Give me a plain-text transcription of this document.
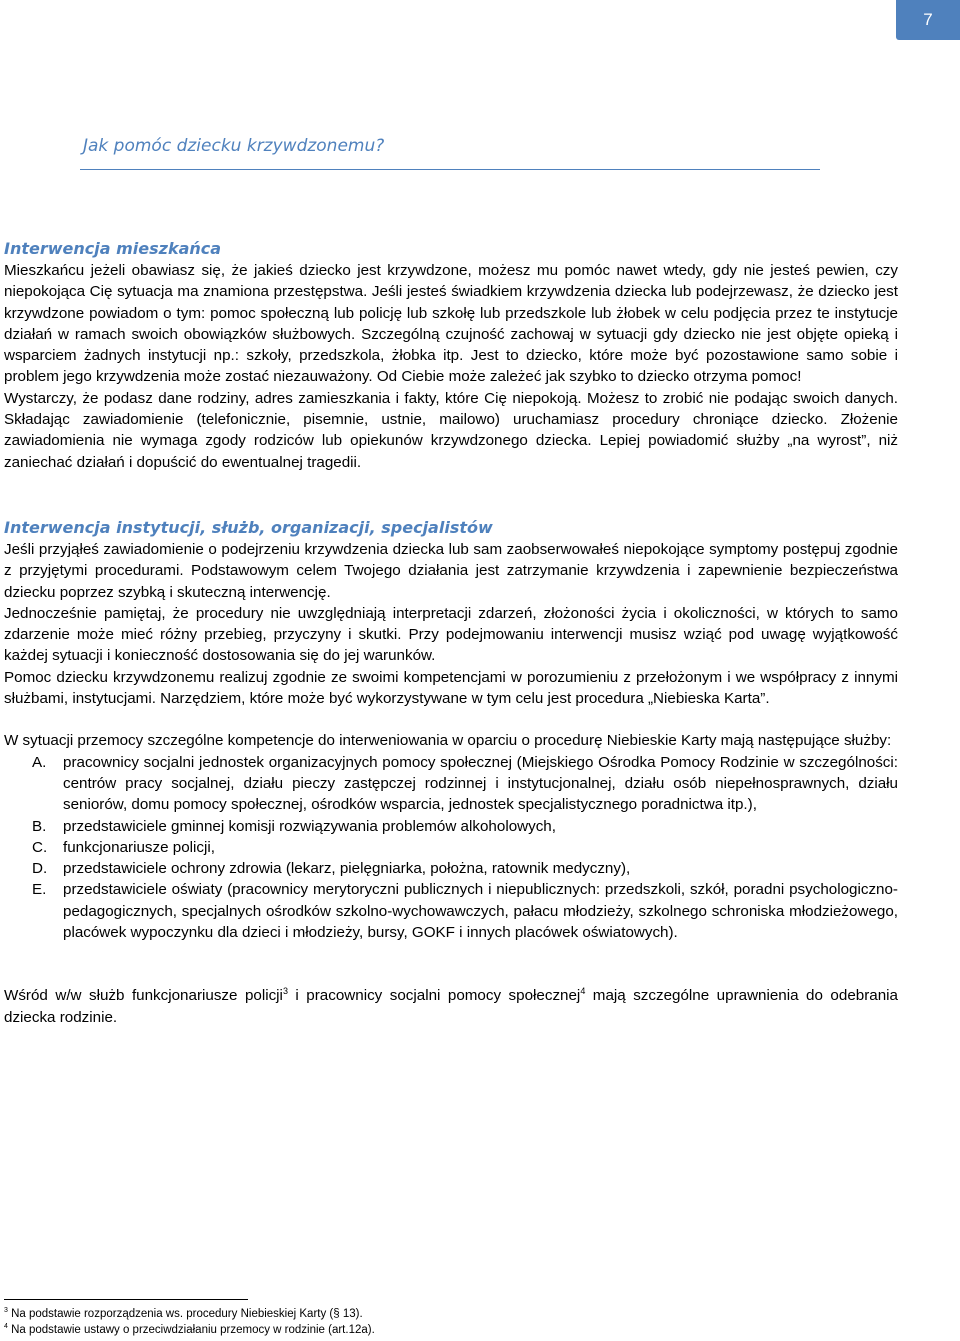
7
Jak pomóc dziecku krzywdzonemu?
Interwencja mieszkańca

Mieszkańcu jeżeli obawiasz się, że jakieś dziecko jest krzywdzone, możesz mu pomóc nawet wtedy, gdy nie jesteś pewien, czy niepokojąca Cię sytuacja ma znamiona przestępstwa. Jeśli jesteś świadkiem krzywdzenia dziecka lub podejrzewasz, że dziecko jest krzywdzone powiadom o tym: pomoc społeczną lub policję lub szkołę lub przedszkole lub żłobek w celu podjęcia przez te instytucje działań w ramach swoich obowiązków służbowych. Szczególną czujność zachowaj w sytuacji gdy dziecko nie jest objęte opieką i wsparciem żadnych instytucji np.: szkoły, przedszkola, żłobka itp. Jest to dziecko, które może być pozostawione samo sobie i problem jego krzywdzenia może zostać niezauważony. Od Ciebie może zależeć jak szybko to dziecko otrzyma pomoc!

Wystarczy, że podasz dane rodziny, adres zamieszkania i fakty, które Cię niepokoją. Możesz to zrobić nie podając swoich danych. Składając zawiadomienie (telefonicznie, pisemnie, ustnie, mailowo) uruchamiasz procedury chroniące dziecko. Złożenie zawiadomienia nie wymaga zgody rodziców lub opiekunów krzywdzonego dziecka. Lepiej powiadomić służby „na wyrost”, niż zaniechać działań i dopuścić do ewentualnej tragedii.

Interwencja instytucji, służb, organizacji, specjalistów

Jeśli przyjąłeś zawiadomienie o podejrzeniu krzywdzenia dziecka lub sam zaobserwowałeś niepokojące symptomy postępuj zgodnie z przyjętymi procedurami. Podstawowym celem Twojego działania jest zatrzymanie krzywdzenia i zapewnienie bezpieczeństwa dziecku poprzez szybką i skuteczną interwencję.

Jednocześnie pamiętaj, że procedury nie uwzględniają interpretacji zdarzeń, złożoności życia i okoliczności, w których to samo zdarzenie może mieć różny przebieg, przyczyny i skutki. Przy podejmowaniu interwencji musisz wziąć pod uwagę wyjątkowość każdej sytuacji i konieczność dostosowania się do jej warunków.

Pomoc dziecku krzywdzonemu realizuj zgodnie ze swoimi kompetencjami w porozumieniu z przełożonym i we współpracy z innymi służbami, instytucjami. Narzędziem, które może być wykorzystywane w tym celu jest procedura „Niebieska Karta”.

W sytuacji przemocy szczególne kompetencje do interweniowania w oparciu o procedurę Niebieskie Karty mają następujące służby:

A.	pracownicy socjalni jednostek organizacyjnych pomocy społecznej (Miejskiego Ośrodka Pomocy Rodzinie w szczególności: centrów pracy socjalnej, działu pieczy zastępczej rodzinnej i instytucjonalnej, działu osób niepełnosprawnych, działu seniorów, domu pomocy społecznej, ośrodków wsparcia, jednostek specjalistycznego poradnictwa itp.),
B.	przedstawiciele gminnej komisji rozwiązywania problemów alkoholowych,
C.	funkcjonariusze policji,
D.	przedstawiciele ochrony zdrowia (lekarz, pielęgniarka, położna, ratownik medyczny),
E.	przedstawiciele oświaty (pracownicy merytoryczni publicznych i niepublicznych: przedszkoli, szkół, poradni psychologiczno-pedagogicznych, specjalnych ośrodków szkolno-wychowawczych, pałacu młodzieży, szkolnego schroniska młodzieżowego, placówek wypoczynku dla dzieci i młodzieży, bursy, GOKF i innych placówek oświatowych).

Wśród w/w służb funkcjonariusze policji$^3$ i pracownicy socjalni pomocy społecznej$^4$ mają szczególne uprawnienia do odebrania dziecka rodzinie.

$^3$ Na podstawie rozporządzenia ws. procedury Niebieskiej Karty (§ 13).
$^4$ Na podstawie ustawy o przeciwdziałaniu przemocy w rodzinie (art.12a).
